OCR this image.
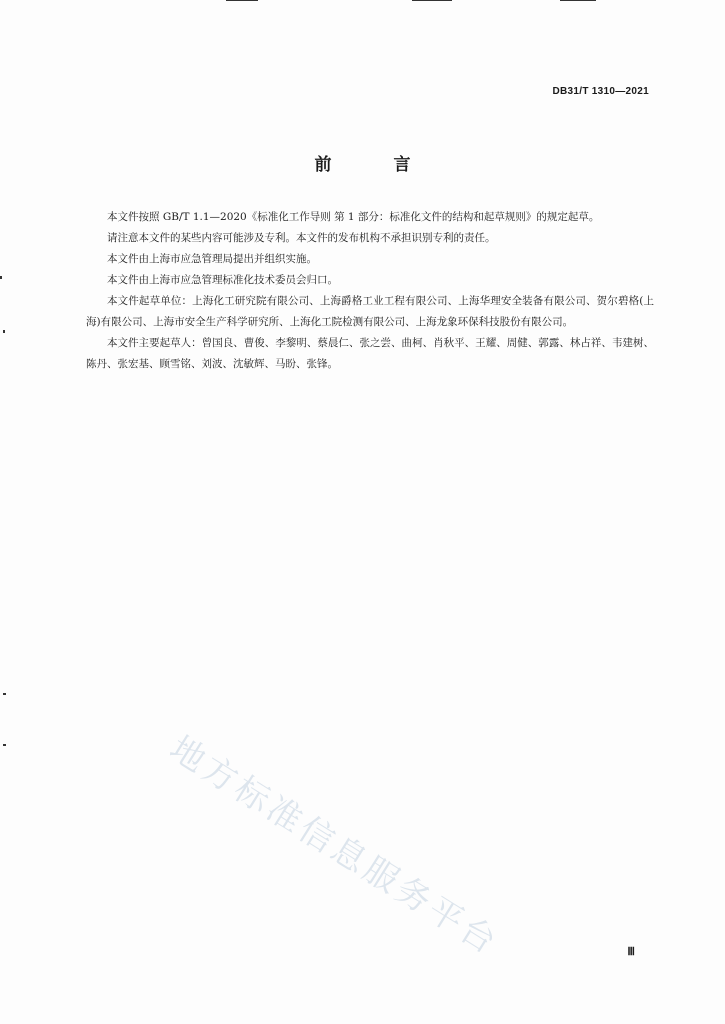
DB31/T 1310—2021
前 言

本文件按照 GB/T 1.1—2020《标准化工作导则 第 1 部分：标准化文件的结构和起草规则》的规定起草。

请注意本文件的某些内容可能涉及专利。本文件的发布机构不承担识别专利的责任。

本文件由上海市应急管理局提出并组织实施。

本文件由上海市应急管理标准化技术委员会归口。

本文件起草单位：上海化工研究院有限公司、上海爵格工业工程有限公司、上海华理安全装备有限公司、贺尔碧格(上海)有限公司、上海市安全生产科学研究所、上海化工院检测有限公司、上海龙象环保科技股份有限公司。

本文件主要起草人：曾国良、曹俊、李黎明、蔡晨仁、张之尝、曲柯、肖秋平、王耀、周健、郭露、林占祥、韦建树、陈丹、张宏基、顾雪铭、刘波、沈敏辉、马盼、张锋。

地方标准信息服务平台	Ⅲ
